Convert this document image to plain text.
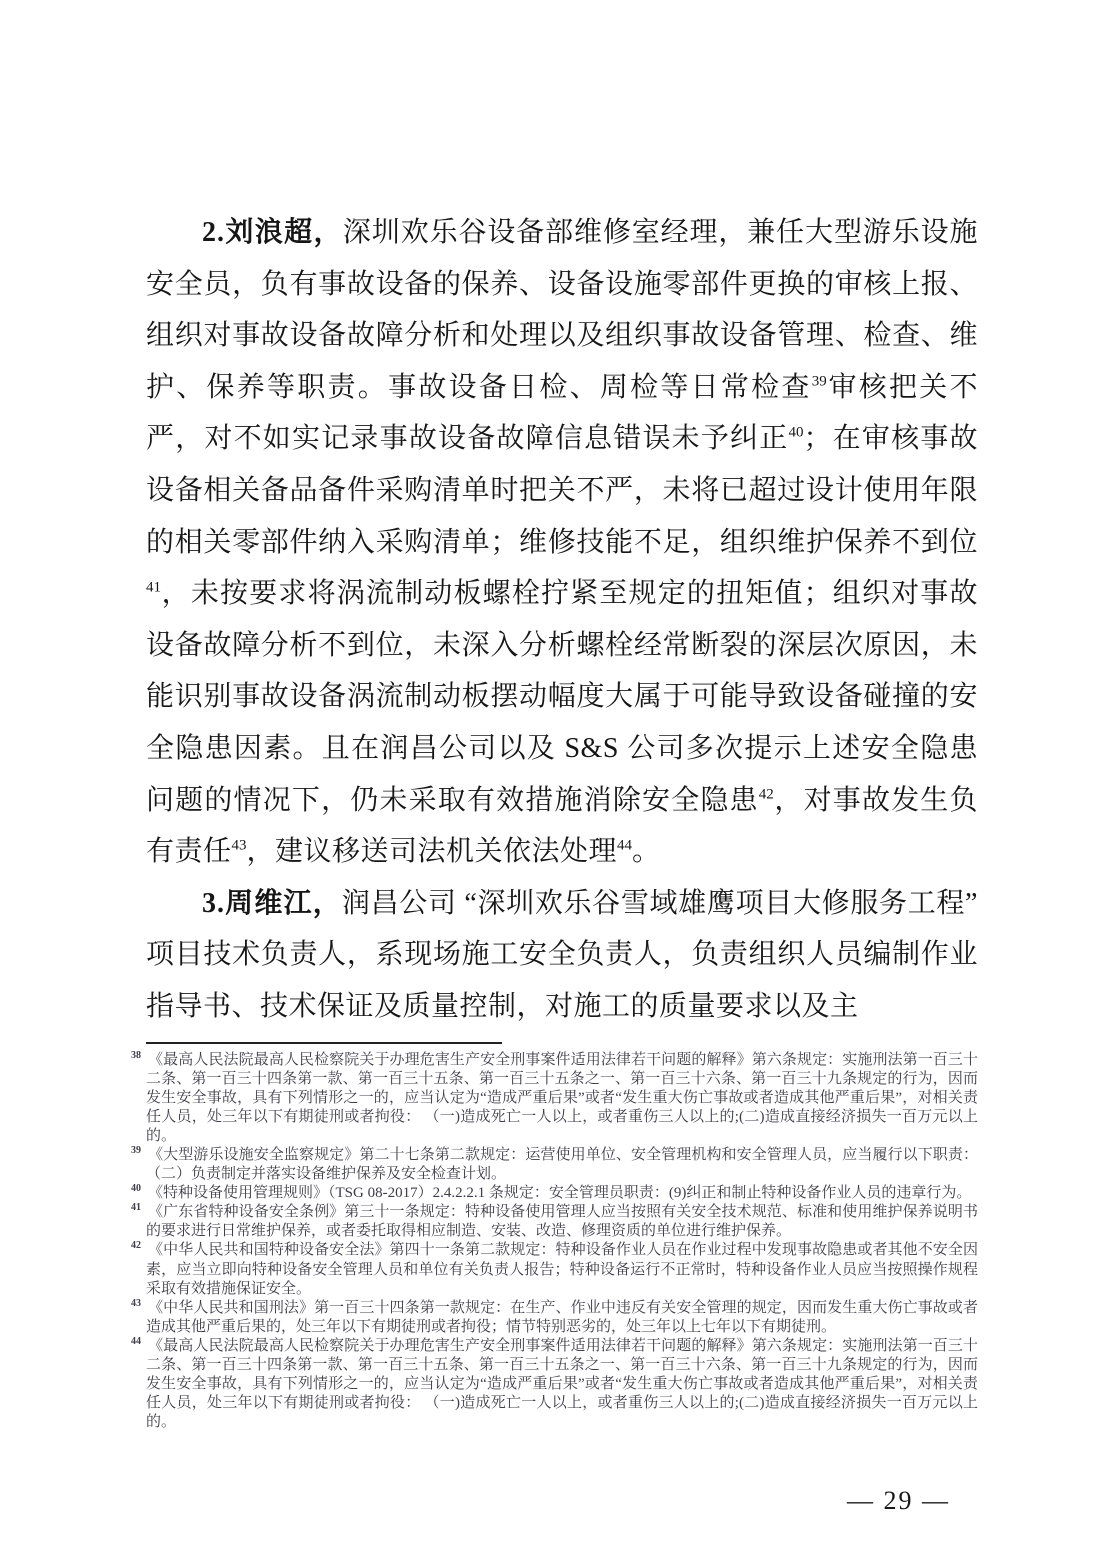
2.刘浪超，深圳欢乐谷设备部维修室经理，兼任大型游乐设施安全员，负有事故设备的保养、设备设施零部件更换的审核上报、组织对事故设备故障分析和处理以及组织事故设备管理、检查、维护、保养等职责。事故设备日检、周检等日常检查$^{39}$审核把关不严，对不如实记录事故设备故障信息错误未予纠正$^{40}$；在审核事故设备相关备品备件采购清单时把关不严，未将已超过设计使用年限的相关零部件纳入采购清单；维修技能不足，组织维护保养不到位$^{41}$，未按要求将涡流制动板螺栓拧紧至规定的扭矩值；组织对事故设备故障分析不到位，未深入分析螺栓经常断裂的深层次原因，未能识别事故设备涡流制动板摆动幅度大属于可能导致设备碰撞的安全隐患因素。且在润昌公司以及 S&S 公司多次提示上述安全隐患问题的情况下，仍未采取有效措施消除安全隐患$^{42}$，对事故发生负有责任$^{43}$，建议移送司法机关依法处理$^{44}$。

3.周维江，润昌公司 “深圳欢乐谷雪域雄鹰项目大修服务工程” 项目技术负责人，系现场施工安全负责人，负责组织人员编制作业指导书、技术保证及质量控制，对施工的质量要求以及主

$^{38}$ 《最高人民法院最高人民检察院关于办理危害生产安全刑事案件适用法律若干问题的解释》第六条规定：实施刑法第一百三十二条、第一百三十四条第一款、第一百三十五条、第一百三十五条之一、第一百三十六条、第一百三十九条规定的行为，因而发生安全事故，具有下列情形之一的，应当认定为“造成严重后果”或者“发生重大伤亡事故或者造成其他严重后果”，对相关责任人员，处三年以下有期徒刑或者拘役： （一)造成死亡一人以上，或者重伤三人以上的;(二)造成直接经济损失一百万元以上的。

$^{39}$ 《大型游乐设施安全监察规定》第二十七条第二款规定：运营使用单位、安全管理机构和安全管理人员，应当履行以下职责： （二）负责制定并落实设备维护保养及安全检查计划。

$^{40}$ 《特种设备使用管理规则》（TSG 08-2017）2.4.2.2.1 条规定：安全管理员职责：(9)纠正和制止特种设备作业人员的违章行为。

$^{41}$ 《广东省特种设备安全条例》第三十一条规定：特种设备使用管理人应当按照有关安全技术规范、标准和使用维护保养说明书的要求进行日常维护保养，或者委托取得相应制造、安装、改造、修理资质的单位进行维护保养。

$^{42}$ 《中华人民共和国特种设备安全法》第四十一条第二款规定：特种设备作业人员在作业过程中发现事故隐患或者其他不安全因素，应当立即向特种设备安全管理人员和单位有关负责人报告；特种设备运行不正常时，特种设备作业人员应当按照操作规程采取有效措施保证安全。

$^{43}$ 《中华人民共和国刑法》第一百三十四条第一款规定：在生产、作业中违反有关安全管理的规定，因而发生重大伤亡事故或者造成其他严重后果的，处三年以下有期徒刑或者拘役；情节特别恶劣的，处三年以上七年以下有期徒刑。

$^{44}$ 《最高人民法院最高人民检察院关于办理危害生产安全刑事案件适用法律若干问题的解释》第六条规定：实施刑法第一百三十二条、第一百三十四条第一款、第一百三十五条、第一百三十五条之一、第一百三十六条、第一百三十九条规定的行为，因而发生安全事故，具有下列情形之一的，应当认定为“造成严重后果”或者“发生重大伤亡事故或者造成其他严重后果”，对相关责任人员，处三年以下有期徒刑或者拘役： （一)造成死亡一人以上，或者重伤三人以上的;(二)造成直接经济损失一百万元以上的。

— 29 —
